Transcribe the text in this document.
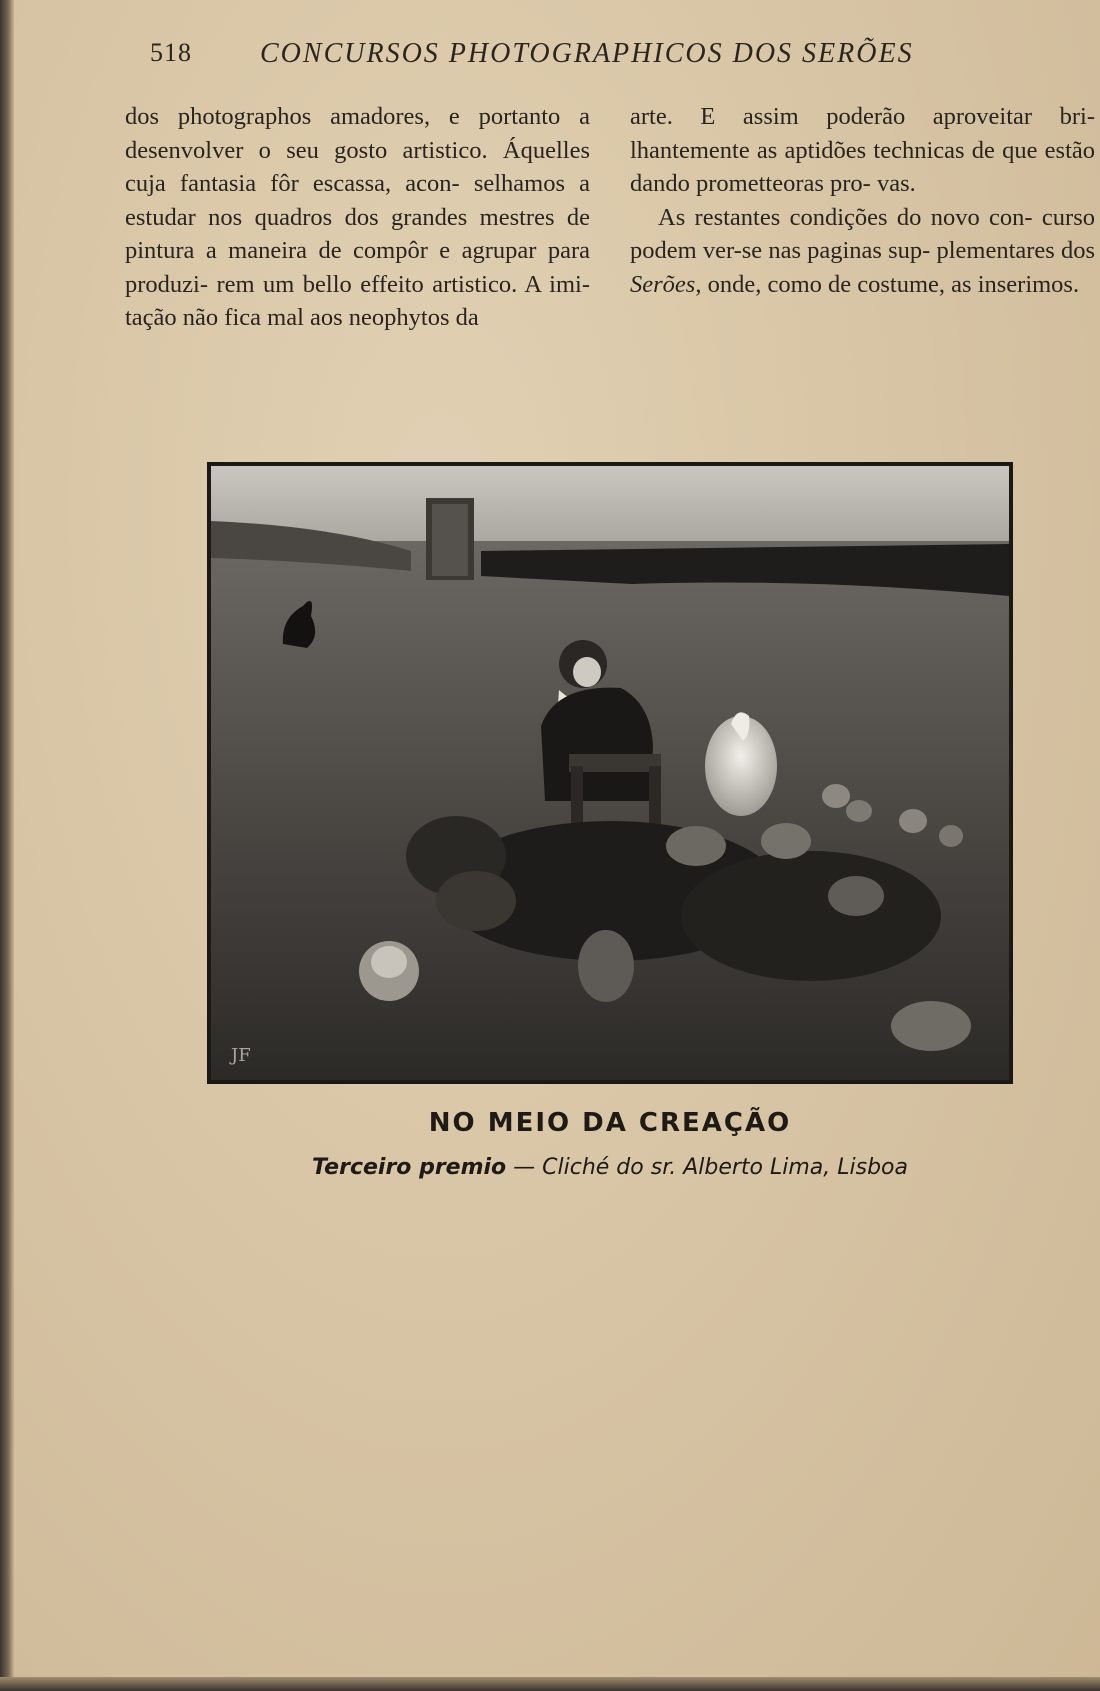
518 CONCURSOS PHOTOGRAPHICOS DOS SERÕES

dos photographos amadores, e portanto a desenvolver o seu gosto artistico. Áquelles cuja fantasia fôr escassa, acon- selhamos a estudar nos quadros dos grandes mestres de pintura a maneira de compôr e agrupar para produzi- rem um bello effeito artistico. A imi- tação não fica mal aos neophytos da

arte. E assim poderão aproveitar bri- lhantemente as aptidões technicas de que estão dando prometteoras pro- vas.

As restantes condições do novo con- curso podem ver-se nas paginas sup- plementares dos Serões, onde, como de costume, as inserimos.

JF
NO MEIO DA CREAÇÃO
Terceiro premio — Cliché do sr. Alberto Lima, Lisboa
